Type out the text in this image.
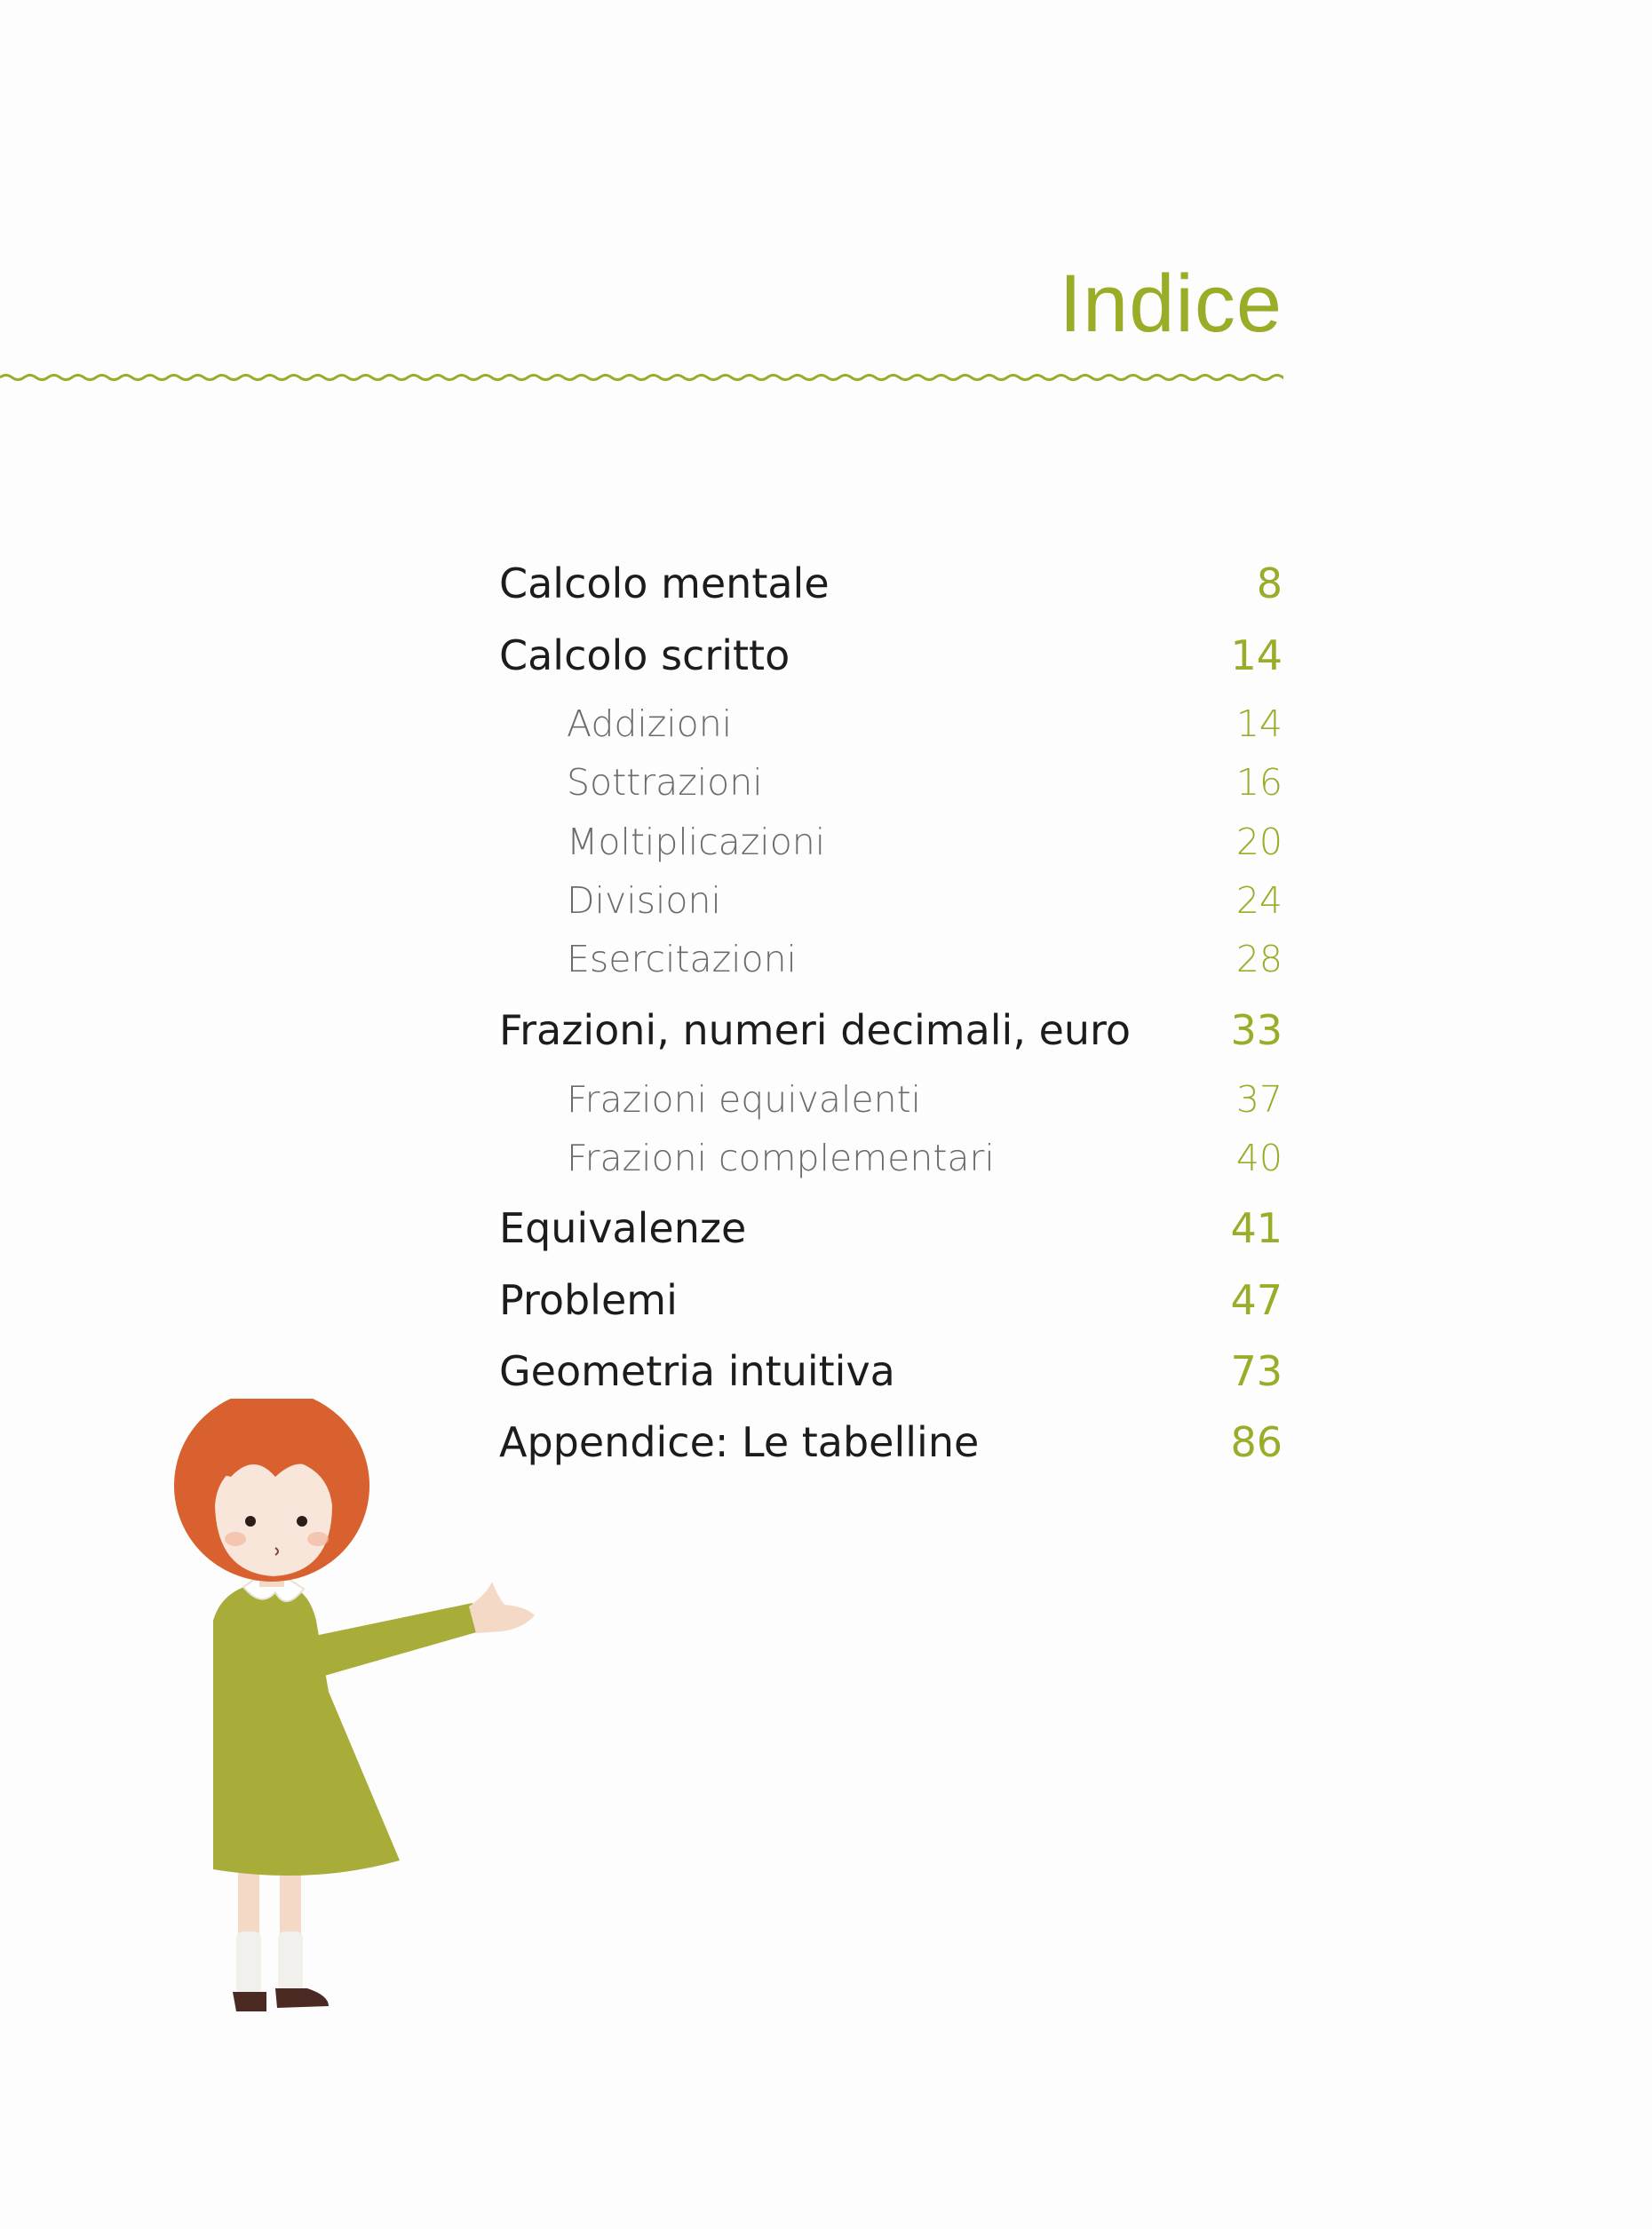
Indice
Calcolo mentale	8
Calcolo scritto	14
Addizioni	14
Sottrazioni	16
Moltiplicazioni	20
Divisioni	24
Esercitazioni	28
Frazioni, numeri decimali, euro 33
Frazioni equivalenti	37
Frazioni complementari	40
Equivalenze	41
Problemi	47
Geometria intuitiva	73
Appendice: Le tabelline	86
